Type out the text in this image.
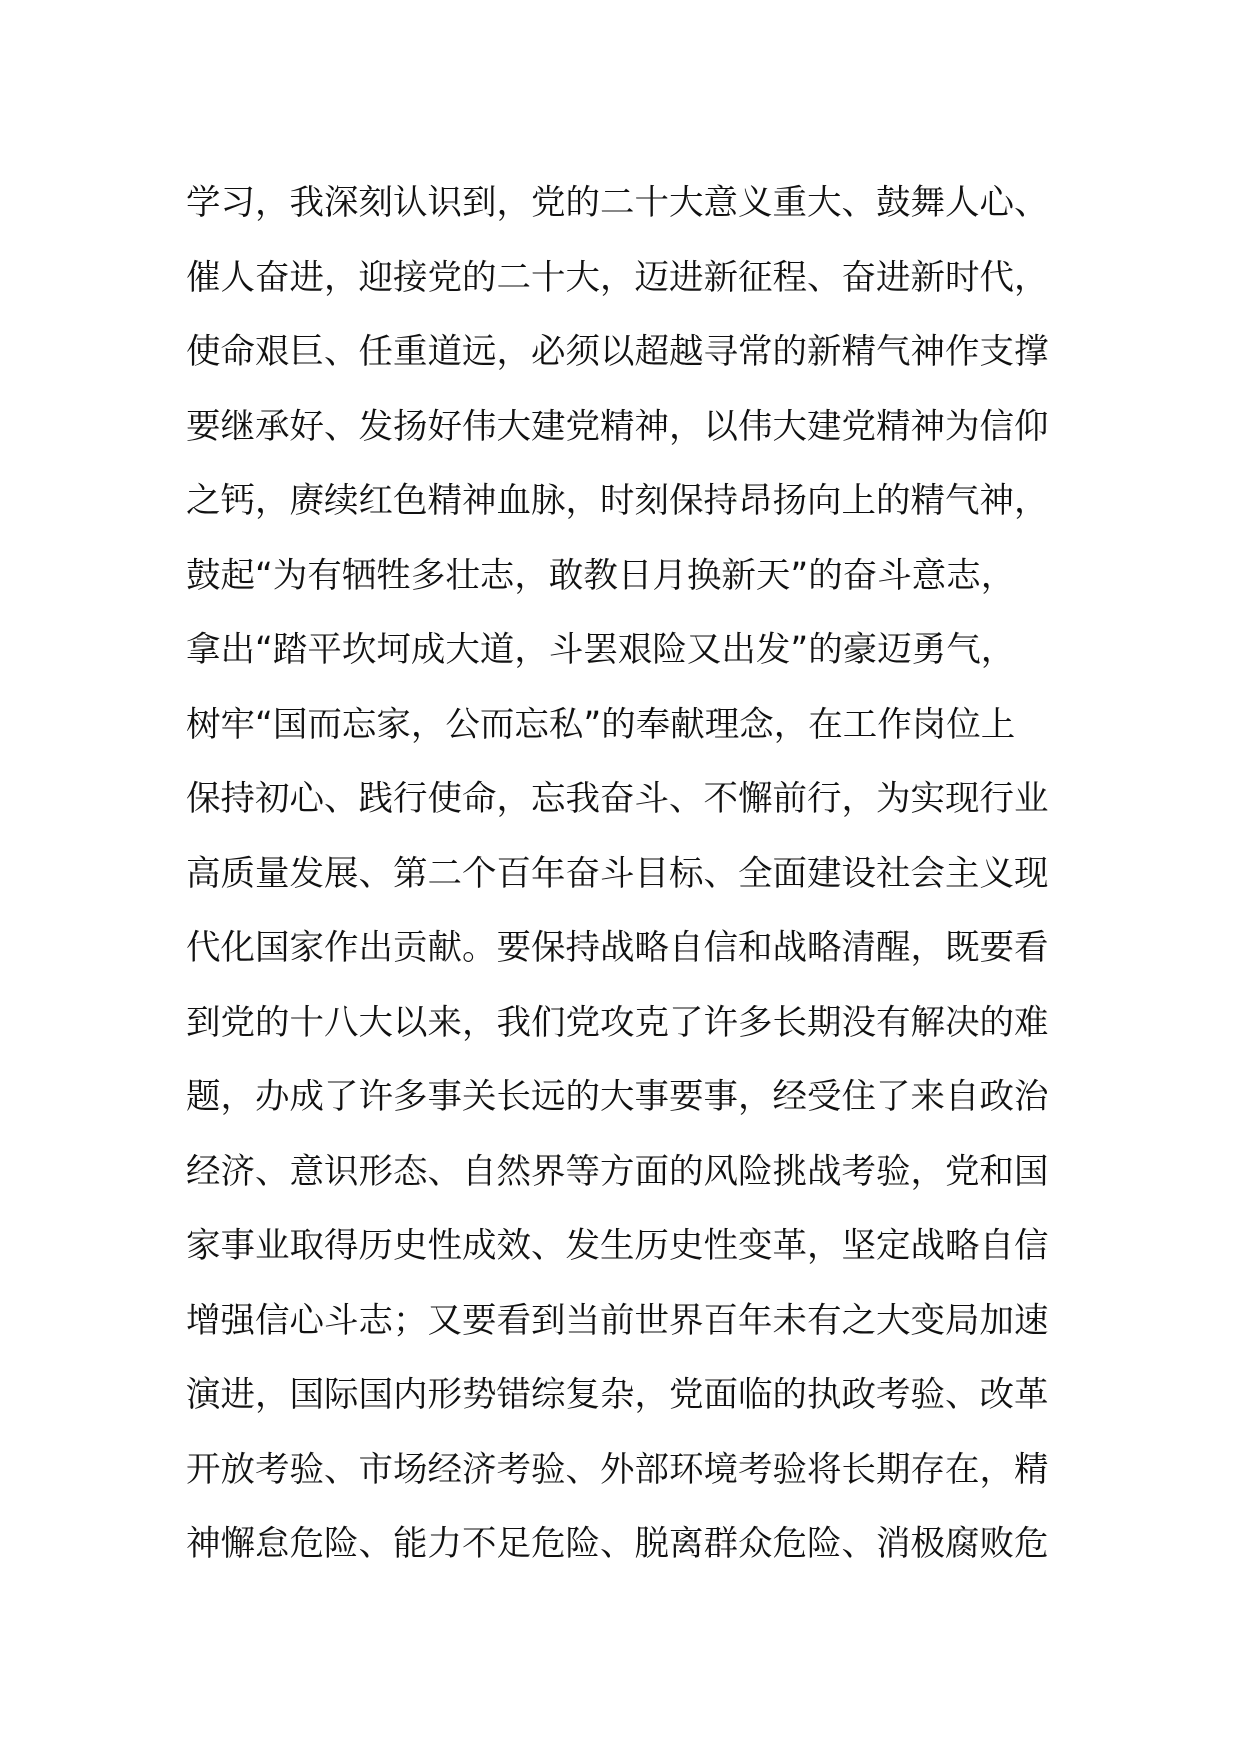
学习，我深刻认识到，党的二十大意义重大、鼓舞人心、
催人奋进，迎接党的二十大，迈进新征程、奋进新时代，
使命艰巨、任重道远，必须以超越寻常的新精气神作支撑
要继承好、发扬好伟大建党精神，以伟大建党精神为信仰
之钙，赓续红色精神血脉，时刻保持昂扬向上的精气神，
鼓起“为有牺牲多壮志，敢教日月换新天”的奋斗意志，
拿出“踏平坎坷成大道，斗罢艰险又出发”的豪迈勇气，
树牢“国而忘家，公而忘私”的奉献理念，在工作岗位上
保持初心、践行使命，忘我奋斗、不懈前行，为实现行业
高质量发展、第二个百年奋斗目标、全面建设社会主义现
代化国家作出贡献。要保持战略自信和战略清醒，既要看
到党的十八大以来，我们党攻克了许多长期没有解决的难
题，办成了许多事关长远的大事要事，经受住了来自政治
经济、意识形态、自然界等方面的风险挑战考验，党和国
家事业取得历史性成效、发生历史性变革，坚定战略自信
增强信心斗志；又要看到当前世界百年未有之大变局加速
演进，国际国内形势错综复杂，党面临的执政考验、改革
开放考验、市场经济考验、外部环境考验将长期存在，精
神懈怠危险、能力不足危险、脱离群众危险、消极腐败危
